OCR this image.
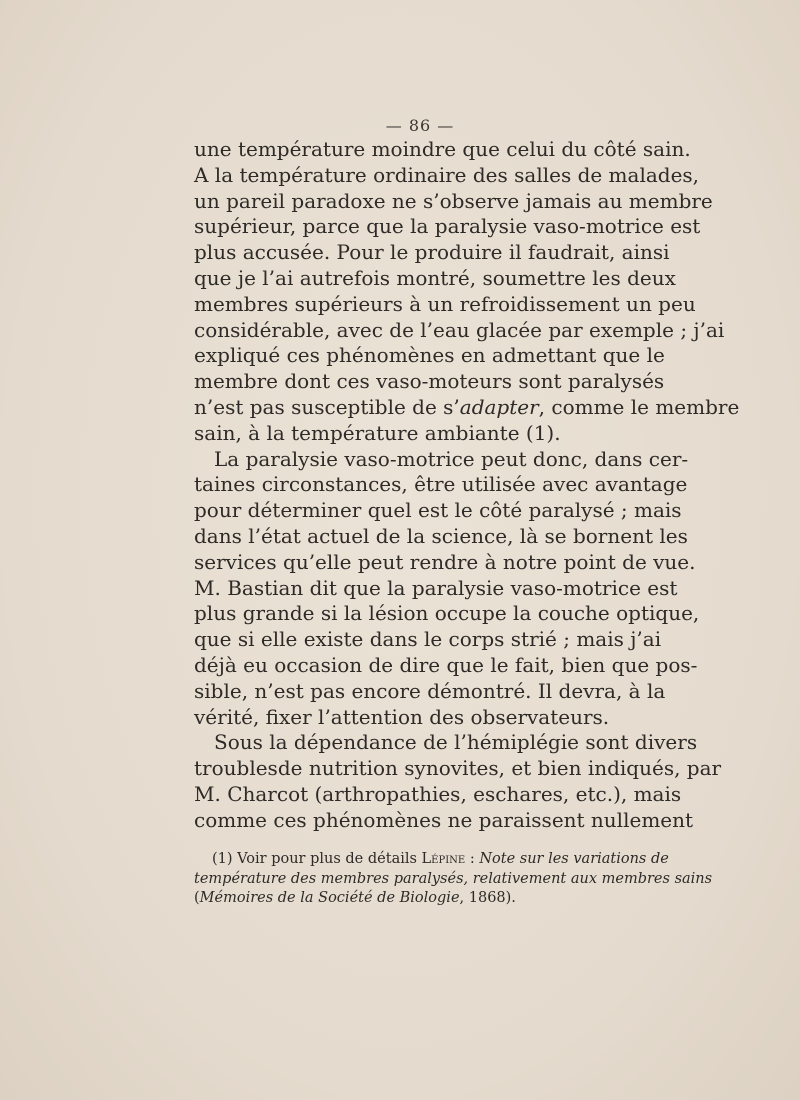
— 86 —
une température moindre que celui du côté sain.
A la température ordinaire des salles de malades,
un pareil paradoxe ne s’observe jamais au membre
supérieur, parce que la paralysie vaso-motrice est
plus accusée. Pour le produire il faudrait, ainsi
que je l’ai autrefois montré, soumettre les deux
membres supérieurs à un refroidissement un peu
considérable, avec de l’eau glacée par exemple ; j’ai
expliqué ces phénomènes en admettant que le
membre dont ces vaso-moteurs sont paralysés
n’est pas susceptible de s’adapter, comme le membre
sain, à la température ambiante (1).
La paralysie vaso-motrice peut donc, dans cer-
taines circonstances, être utilisée avec avantage
pour déterminer quel est le côté paralysé ; mais
dans l’état actuel de la science, là se bornent les
services qu’elle peut rendre à notre point de vue.
M. Bastian dit que la paralysie vaso-motrice est
plus grande si la lésion occupe la couche optique,
que si elle existe dans le corps strié ; mais j’ai
déjà eu occasion de dire que le fait, bien que pos-
sible, n’est pas encore démontré. Il devra, à la
vérité, fixer l’attention des observateurs.
Sous la dépendance de l’hémiplégie sont divers
troublesde nutrition synovites, et bien indiqués, par
M. Charcot (arthropathies, eschares, etc.), mais
comme ces phénomènes ne paraissent nullement
(1) Voir pour plus de détails Lépine : Note sur les variations de
température des membres paralysés, relativement aux membres sains
(Mémoires de la Société de Biologie, 1868).
